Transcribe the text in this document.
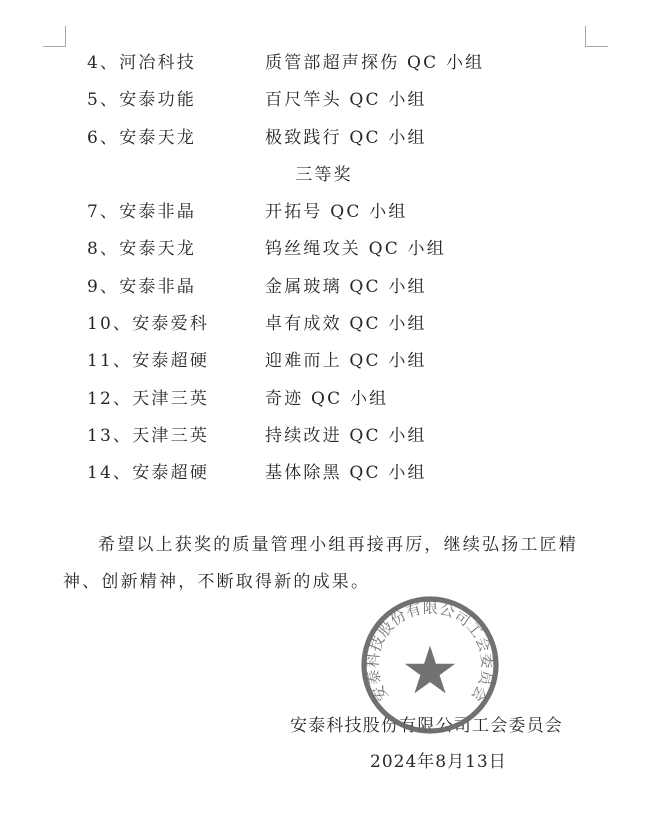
4、河冶科技	质管部超声探伤 QC 小组
5、安泰功能	百尺竿头 QC 小组
6、安泰天龙	极致践行 QC 小组
三等奖
7、安泰非晶	开拓号 QC 小组
8、安泰天龙	钨丝绳攻关 QC 小组
9、安泰非晶	金属玻璃 QC 小组
10、安泰爱科	卓有成效 QC 小组
11、安泰超硬	迎难而上 QC 小组
12、天津三英	奇迹 QC 小组
13、天津三英	持续改进 QC 小组
14、安泰超硬	基体除黑 QC 小组
希望以上获奖的质量管理小组再接再厉，继续弘扬工匠精神、创新精神，不断取得新的成果。
安泰科技股份有限公司工会委员会
2024年8月13日
安泰科技股份有限公司工会委员会
